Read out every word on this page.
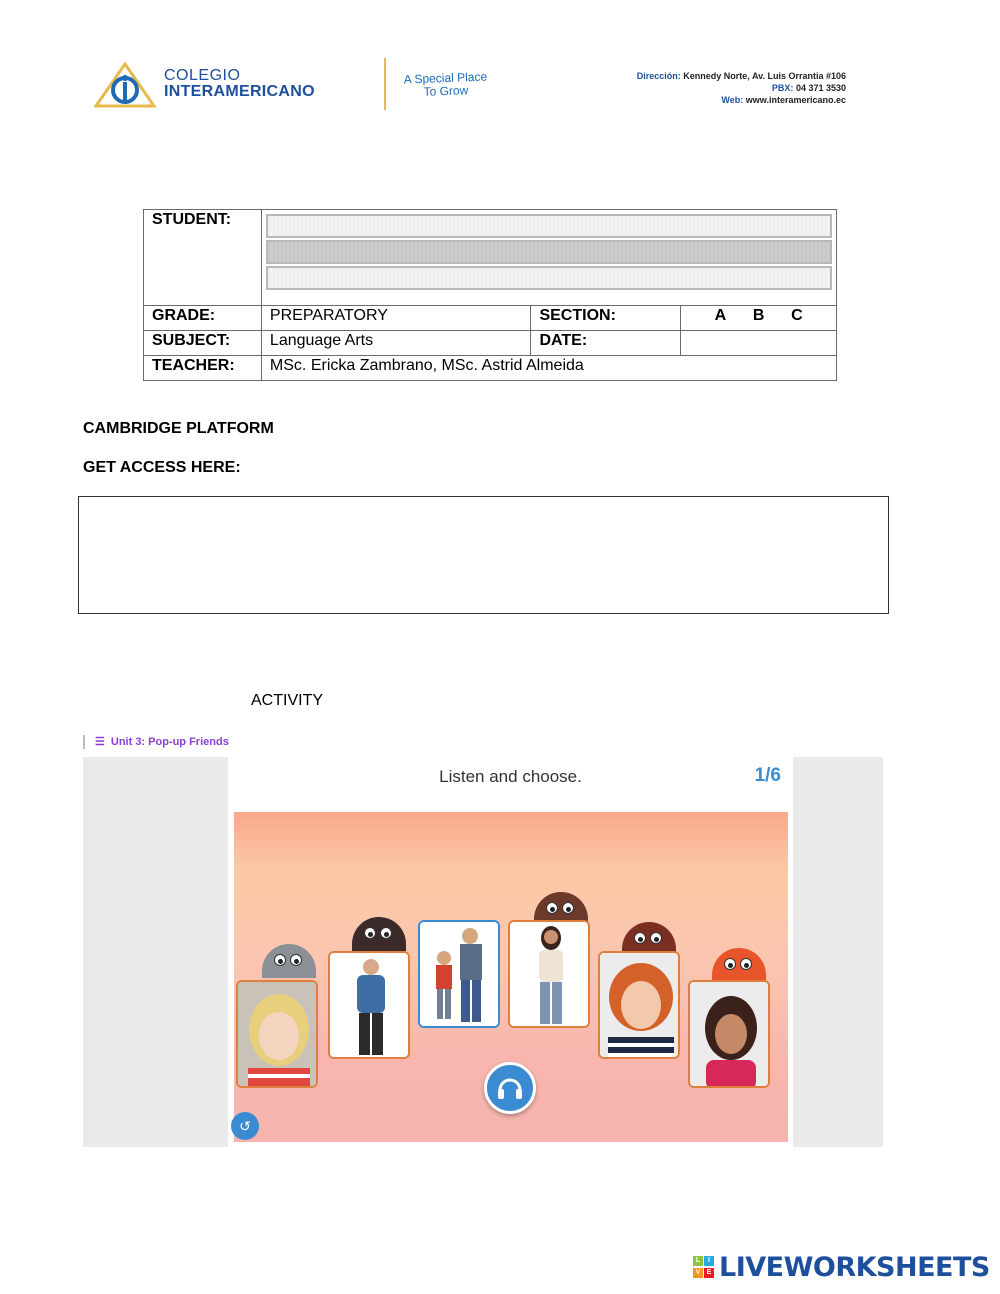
COLEGIO
INTERAMERICANO
A Special Place
To Grow
Dirección: Kennedy Norte, Av. Luis Orrantia #106
PBX: 04 371 3530
Web: www.interamericano.ec
STUDENT:			

GRADE:	PREPARATORY	SECTION:	A B C

SUBJECT:	Language Arts	DATE:	
TEACHER:	MSc. Ericka Zambrano, MSc. Astrid Almeida		
CAMBRIDGE PLATFORM
GET ACCESS HERE:
ACTIVITY
☰ Unit 3: Pop-up Friends
Listen and choose.	1/6
↺
L	I
V E LIVEWORKSHEETS
